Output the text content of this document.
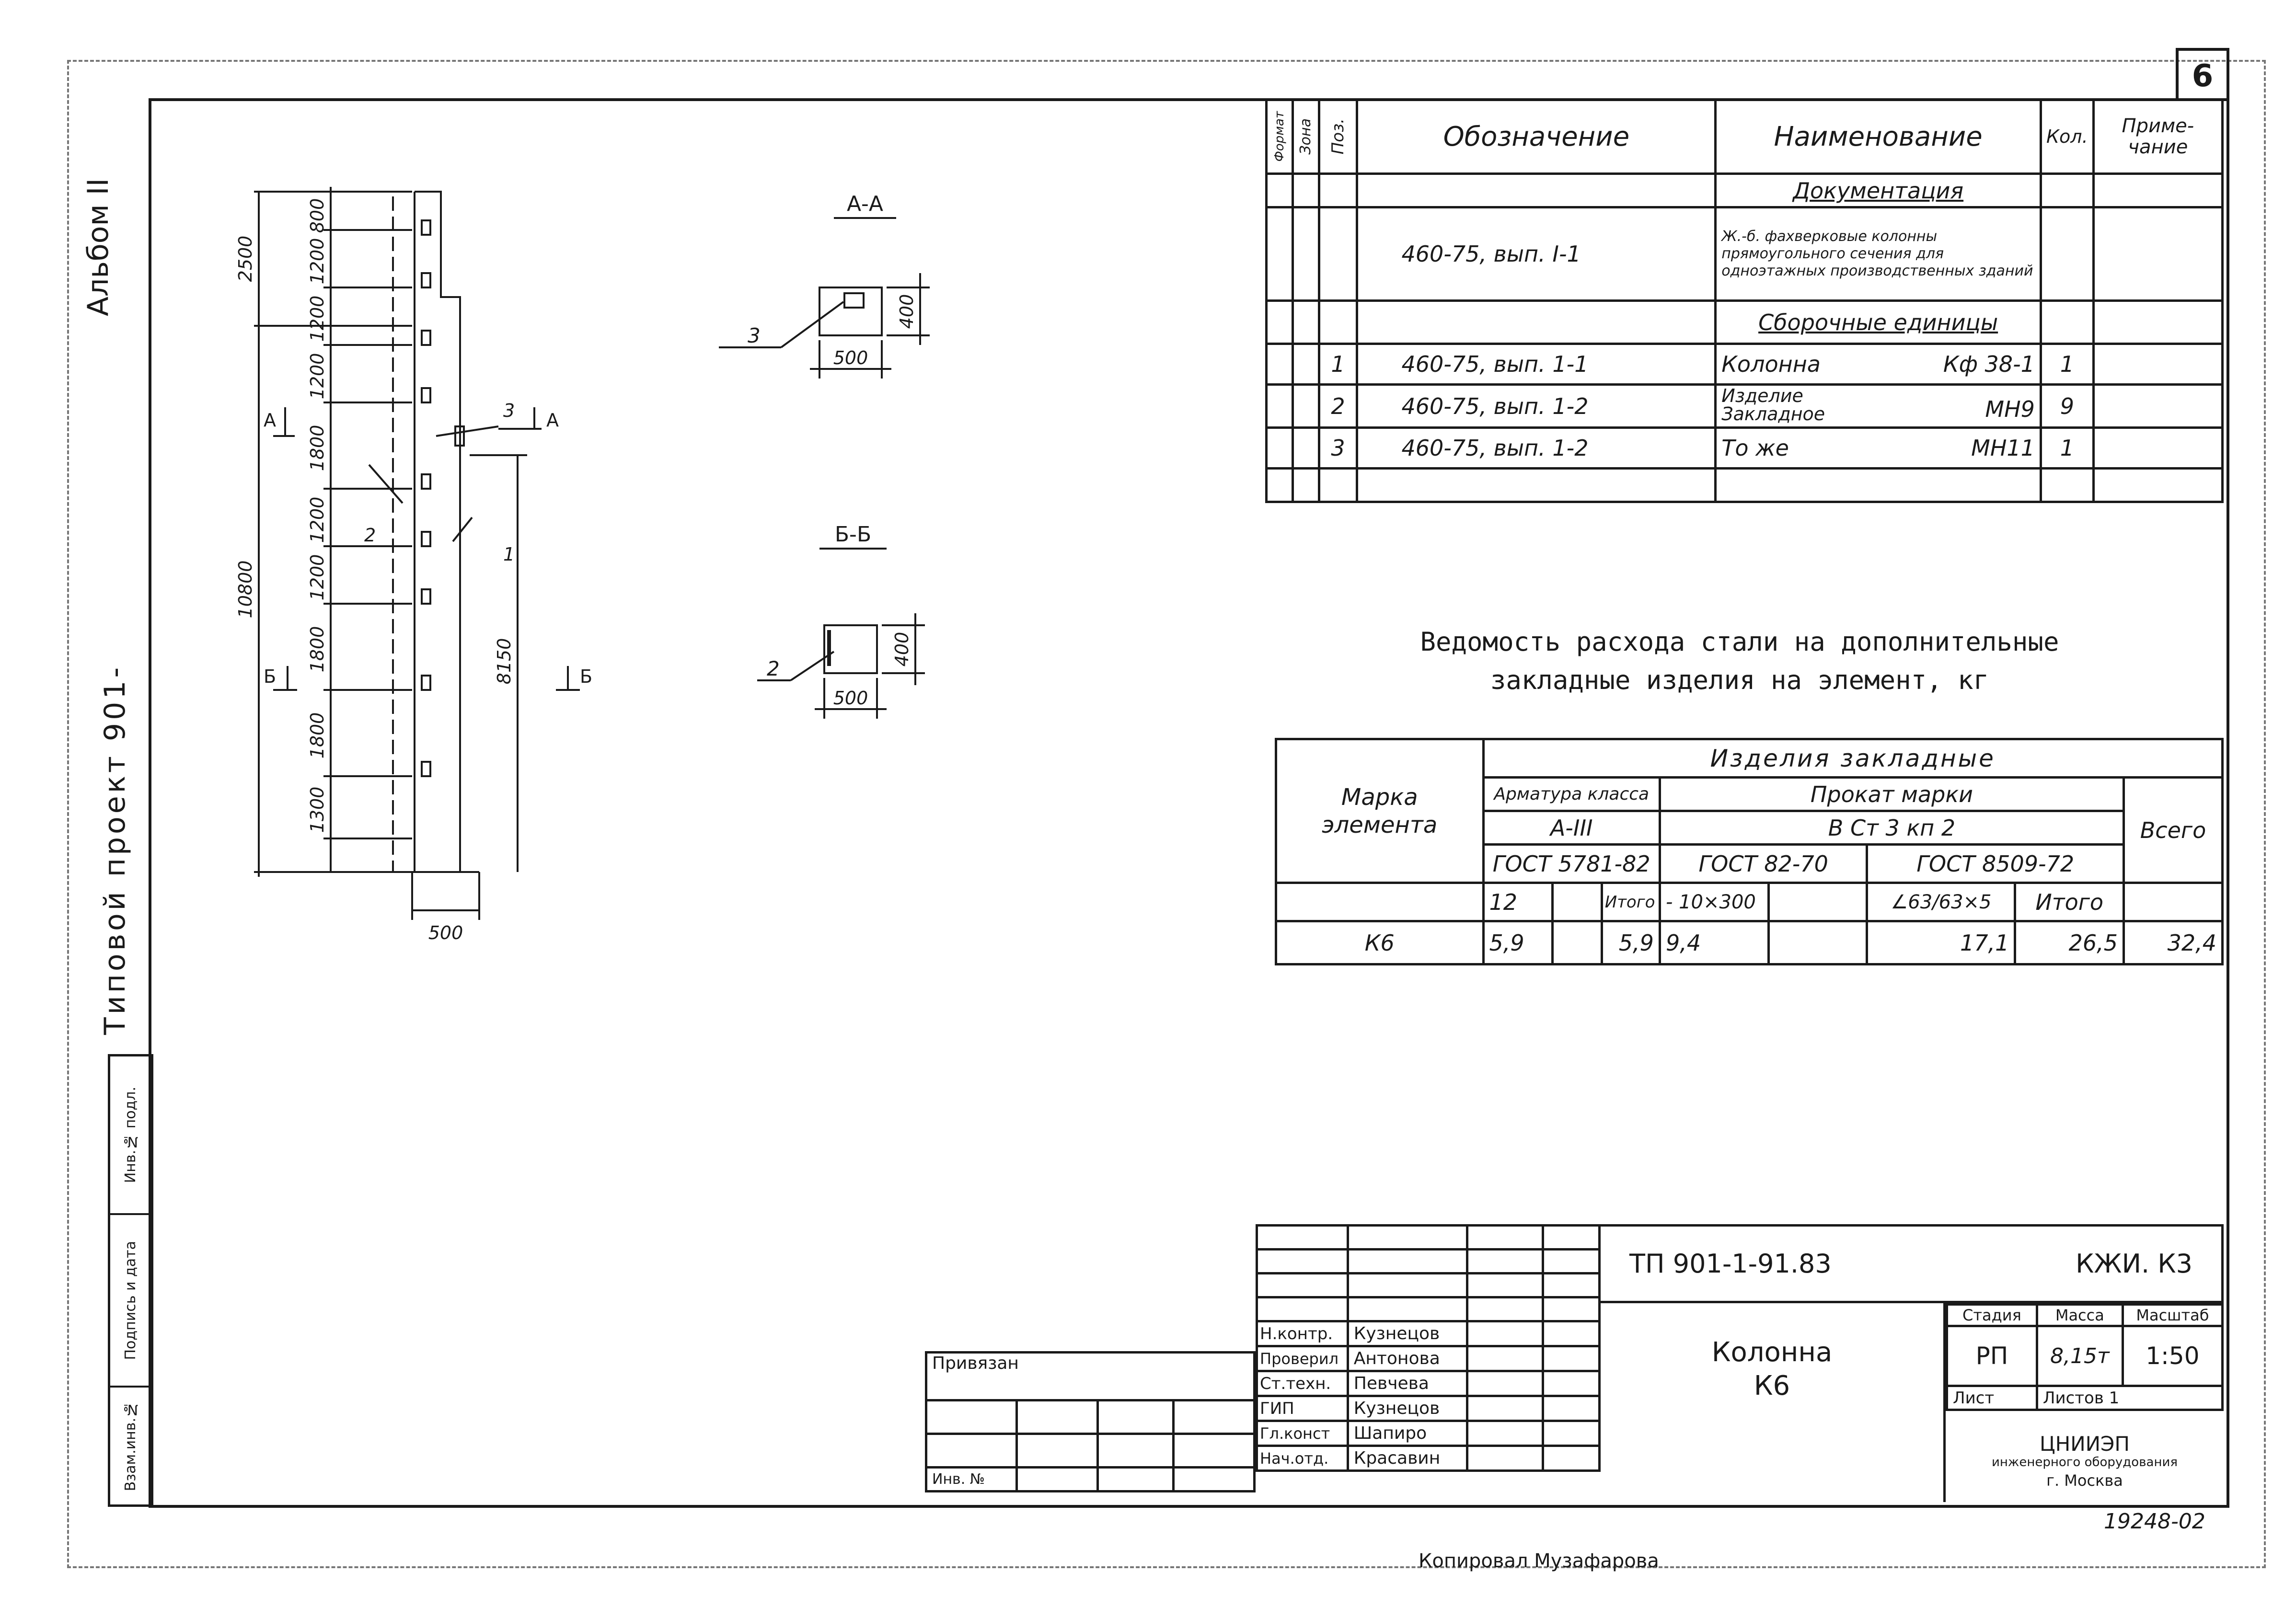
6
Альбом II
Типовой проект 901-
Инв.№ подл.
Подпись и дата
Взам.инв.№
800
1200
1200
1200
1800
1200
1200
1800
1800
1300
2500
10800
8150
500
1
2
3
А	А
Б	Б
А-А
500
400
3
Б-Б
500
400
2
Формат	Зона	Поз.	Обозначение	Наименование	Кол.	Приме- чание
				Документация		
			460-75, вып. I-1	Ж.-б. фахверковые колонны прямоугольного сечения для одноэтажных производственных зданий		
				Сборочные единицы		
		1	460-75, вып. 1-1	Колонна Кф 38-1	1	
		2	460-75, вып. 1-2	Изделие Закладное МН9	9	
		3	460-75, вып. 1-2	То же МН11	1	

Ведомость расхода стали на дополнительные
закладные изделия на элемент, кг
Марка элемента	Изделия закладные							
	Арматура класса			Прокат марки				Всего
	А-III			В Ст 3 кп 2				
	ГОСТ 5781-82			ГОСТ 82-70		ГОСТ 8509-72		
	12		Итого	- 10×300		∠63/63×5	Итого	
К6	5,9		5,9	9,4		17,1	26,5	32,4

Н.контр.	Кузнецов		
Проверил	Антонова		
Ст.техн.	Певчева		
ГИП	Кузнецов		
Гл.конст	Шапиро		
Нач.отд.	Красавин		
ТП 901-1-91.83	КЖИ. К3
Колонна
К6
Стадия	Масса	Масштаб
РП	8,15т	1:50
Лист	Листов 1	
ЦНИИЭП
инженерного оборудования
г. Москва
Привязан			

Инв. №			
19248-02
Копировал Музафарова
